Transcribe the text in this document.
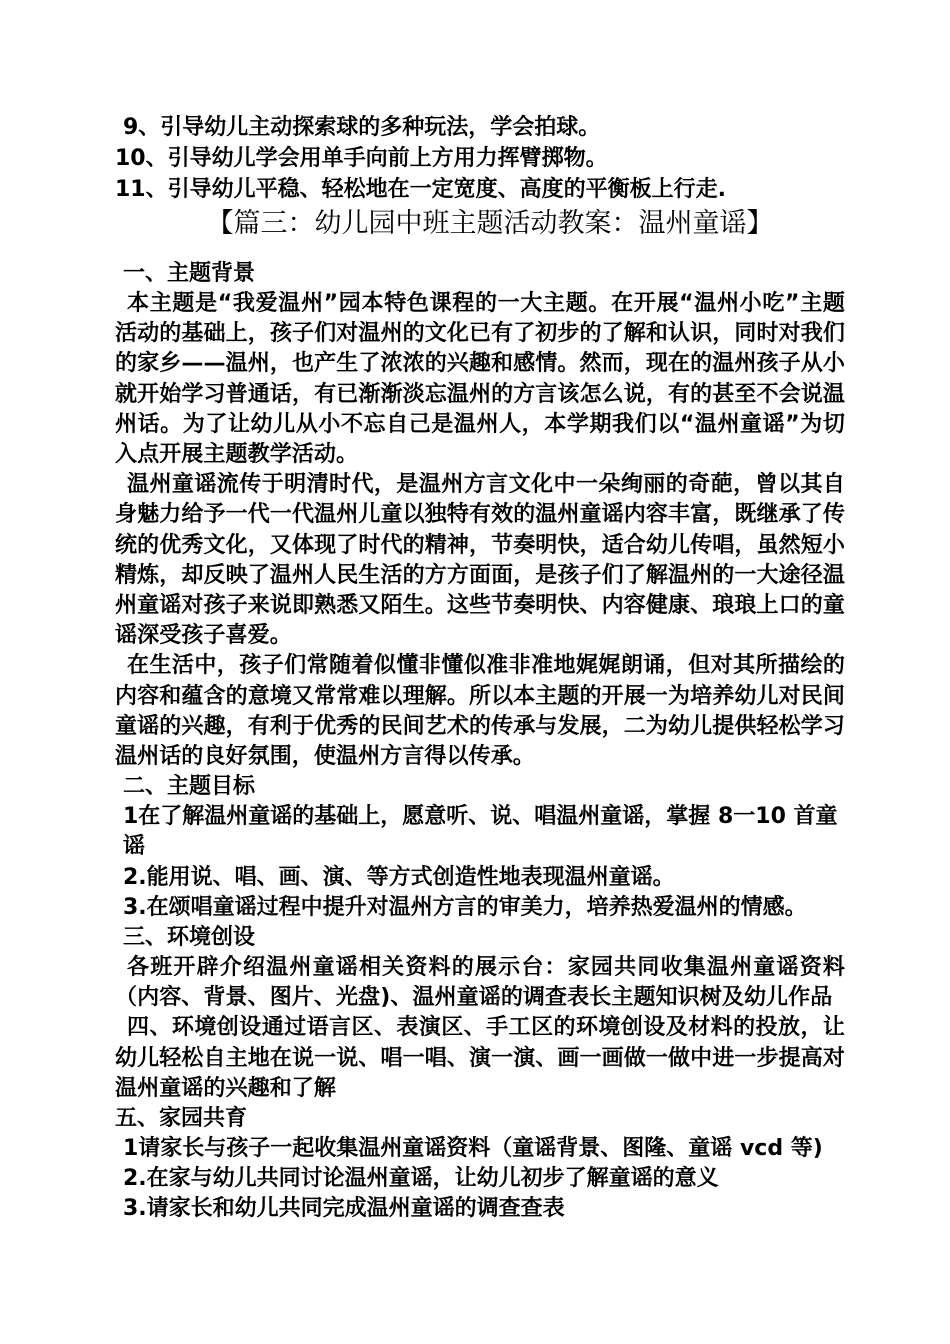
9、引导幼儿主动探索球的多种玩法，学会拍球。

10、引导幼儿学会用单手向前上方用力挥臂掷物。

11、引导幼儿平稳、轻松地在一定宽度、高度的平衡板上行走.

【篇三：幼儿园中班主题活动教案：温州童谣】

一、主题背景

本主题是“我爱温州”园本特色课程的一大主题。在开展“温州小吃”主题活动的基础上，孩子们对温州的文化已有了初步的了解和认识，同时对我们的家乡——温州，也产生了浓浓的兴趣和感情。然而，现在的温州孩子从小就开始学习普通话，有已渐渐淡忘温州的方言该怎么说，有的甚至不会说温州话。为了让幼儿从小不忘自己是温州人，本学期我们以“温州童谣”为切入点开展主题教学活动。

温州童谣流传于明清时代，是温州方言文化中一朵绚丽的奇葩，曾以其自身魅力给予一代一代温州儿童以独特有效的温州童谣内容丰富，既继承了传统的优秀文化，又体现了时代的精神，节奏明快，适合幼儿传唱，虽然短小精炼，却反映了温州人民生活的方方面面，是孩子们了解温州的一大途径温州童谣对孩子来说即熟悉又陌生。这些节奏明快、内容健康、琅琅上口的童谣深受孩子喜爱。

在生活中，孩子们常随着似懂非懂似准非准地娓娓朗诵，但对其所描绘的内容和蕴含的意境又常常难以理解。所以本主题的开展一为培养幼儿对民间童谣的兴趣，有利于优秀的民间艺术的传承与发展，二为幼儿提供轻松学习温州话的良好氛围，使温州方言得以传承。

二、主题目标

1在了解温州童谣的基础上，愿意听、说、唱温州童谣，掌握 8一10 首童谣

2.能用说、唱、画、演、等方式创造性地表现温州童谣。

3.在颂唱童谣过程中提升对温州方言的审美力，培养热爱温州的情感。

三、环境创设

各班开辟介绍温州童谣相关资料的展示台：家园共同收集温州童谣资料（内容、背景、图片、光盘)、温州童谣的调查表长主题知识树及幼儿作品

四、环境创设通过语言区、表演区、手工区的环境创设及材料的投放，让幼儿轻松自主地在说一说、唱一唱、演一演、画一画做一做中进一步提高对温州童谣的兴趣和了解

五、家园共育

1请家长与孩子一起收集温州童谣资料（童谣背景、图隆、童谣 vcd 等)

2.在家与幼儿共同讨论温州童谣，让幼儿初步了解童谣的意义

3.请家长和幼儿共同完成温州童谣的调查查表
